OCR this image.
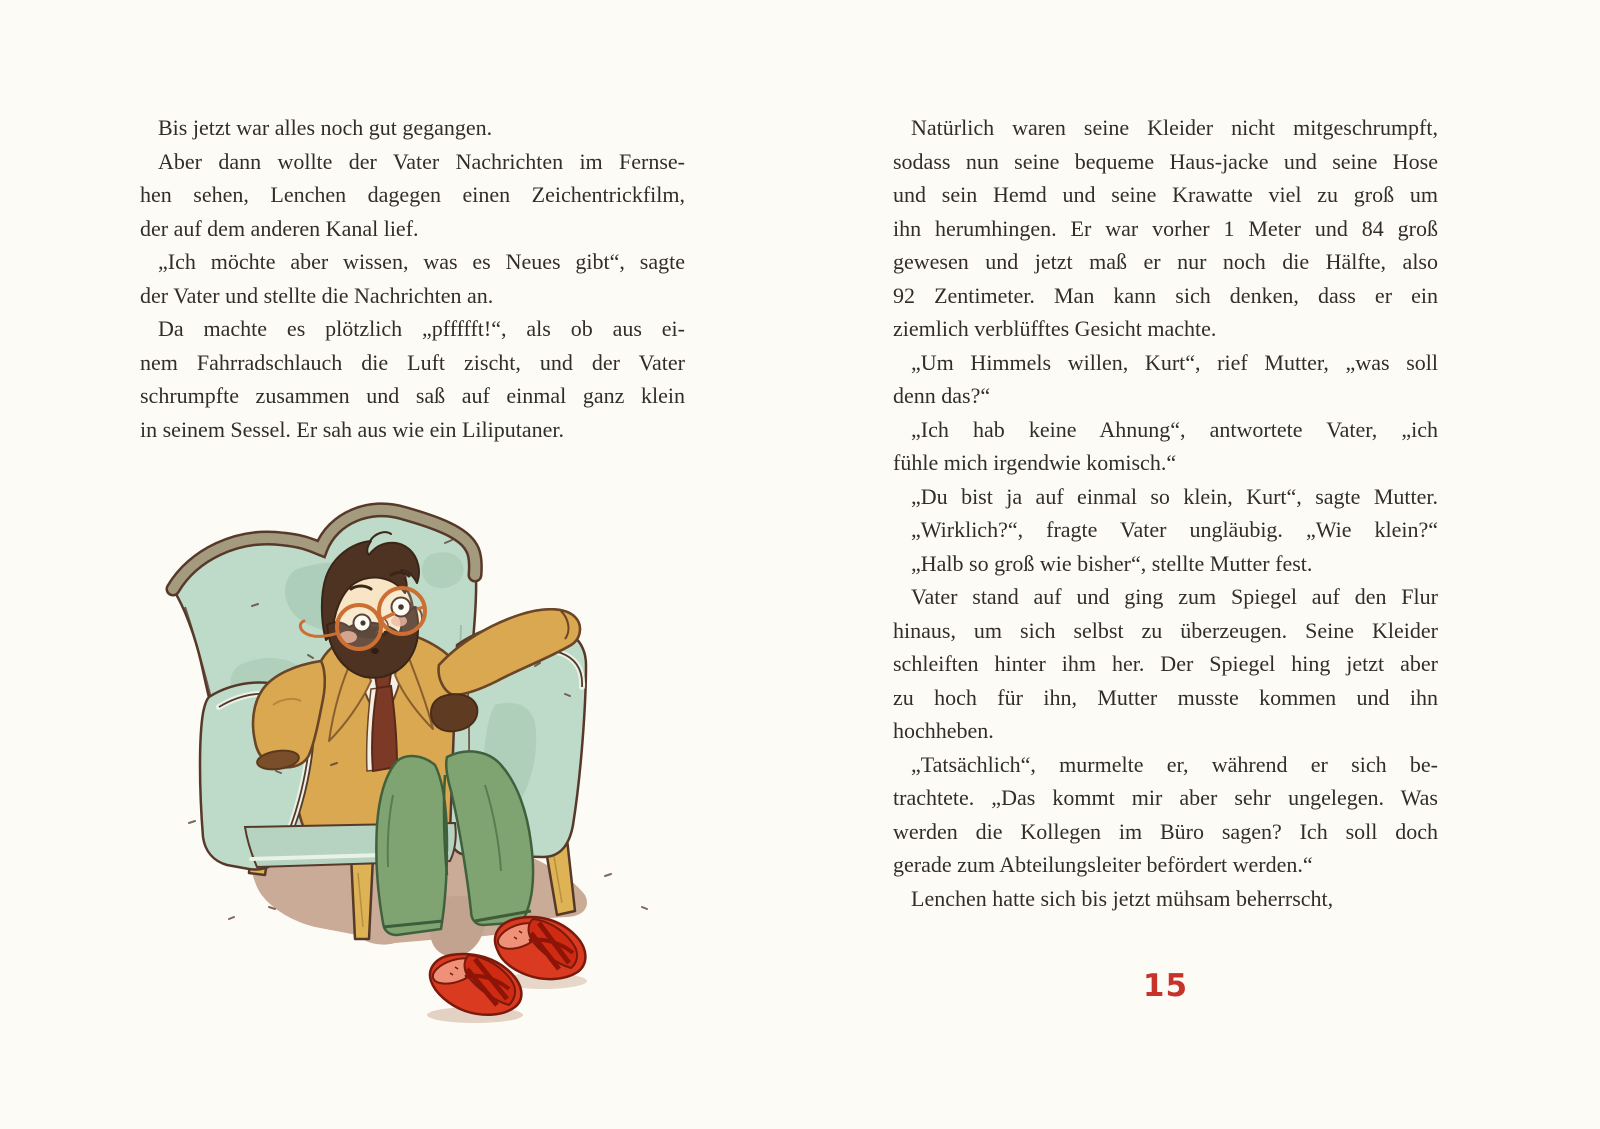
Bis jetzt war alles noch gut gegangen.

Aber dann wollte der Vater Nachrichten im Fernse-
hen sehen, Lenchen dagegen einen Zeichentrickfilm,
der auf dem anderen Kanal lief.

„Ich möchte aber wissen, was es Neues gibt“, sagte
der Vater und stellte die Nachrichten an.

Da machte es plötzlich „pffffft!“, als ob aus ei-
nem Fahrradschlauch die Luft zischt, und der Vater
schrumpfte zusammen und saß auf einmal ganz klein
in seinem Sessel. Er sah aus wie ein Liliputaner.

Natürlich waren seine Kleider nicht mitgeschrumpft,
sodass nun seine bequeme Haus-jacke und seine Hose
und sein Hemd und seine Krawatte viel zu groß um
ihn herumhingen. Er war vorher 1 Meter und 84 groß
gewesen und jetzt maß er nur noch die Hälfte, also
92 Zentimeter. Man kann sich denken, dass er ein
ziemlich verblüfftes Gesicht machte.

„Um Himmels willen, Kurt“, rief Mutter, „was soll
denn das?“

„Ich hab keine Ahnung“, antwortete Vater, „ich
fühle mich irgendwie komisch.“

„Du bist ja auf einmal so klein, Kurt“, sagte Mutter.

„Wirklich?“, fragte Vater ungläubig. „Wie klein?“

„Halb so groß wie bisher“, stellte Mutter fest.

Vater stand auf und ging zum Spiegel auf den Flur
hinaus, um sich selbst zu überzeugen. Seine Kleider
schleiften hinter ihm her. Der Spiegel hing jetzt aber
zu hoch für ihn, Mutter musste kommen und ihn
hochheben.

„Tatsächlich“, murmelte er, während er sich be-
trachtete. „Das kommt mir aber sehr ungelegen. Was
werden die Kollegen im Büro sagen? Ich soll doch
gerade zum Abteilungsleiter befördert werden.“

Lenchen hatte sich bis jetzt mühsam beherrscht,

15
